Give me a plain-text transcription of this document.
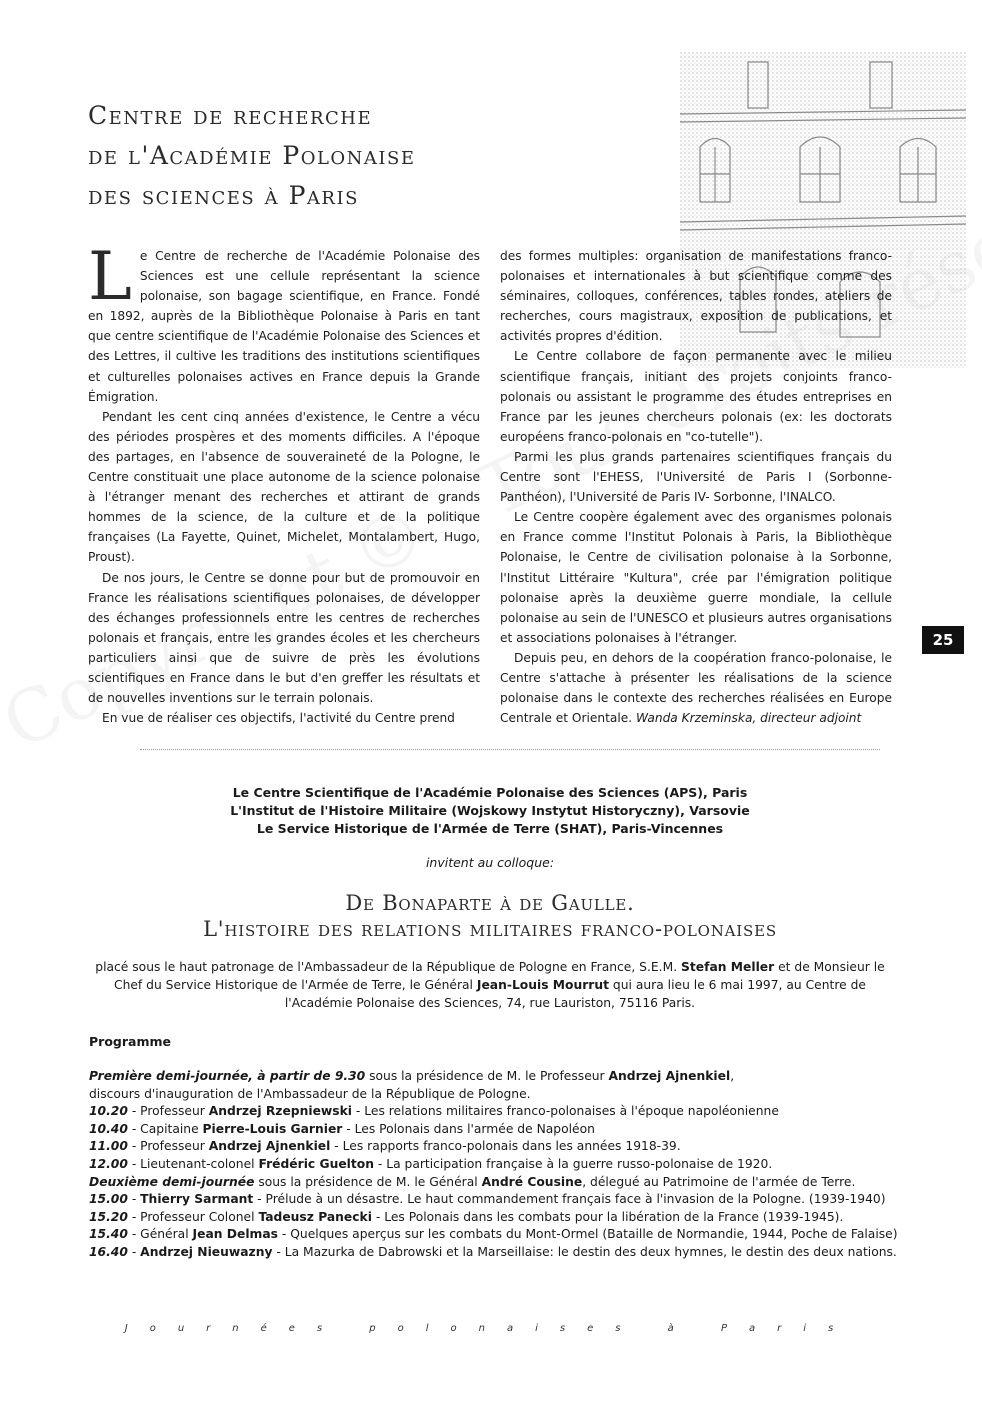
Centre de recherche
de l'Académie Polonaise
des sciences à Paris

Le Centre de recherche de l'Académie Polonaise des Sciences est une cellule représentant la science polonaise, son bagage scientifique, en France. Fondé en 1892, auprès de la Bibliothèque Polonaise à Paris en tant que centre scientifique de l'Académie Polonaise des Sciences et des Lettres, il cultive les traditions des institutions scientifiques et culturelles polonaises actives en France depuis la Grande Émigration.

Pendant les cent cinq années d'existence, le Centre a vécu des périodes prospères et des moments difficiles. A l'époque des partages, en l'absence de souveraineté de la Pologne, le Centre constituait une place autonome de la science polonaise à l'étranger menant des recherches et attirant de grands hommes de la science, de la culture et de la politique françaises (La Fayette, Quinet, Michelet, Montalambert, Hugo, Proust).

De nos jours, le Centre se donne pour but de promouvoir en France les réalisations scientifiques polonaises, de développer des échanges professionnels entre les centres de recherches polonais et français, entre les grandes écoles et les chercheurs particuliers ainsi que de suivre de près les évolutions scientifiques en France dans le but d'en greffer les résultats et de nouvelles inventions sur le terrain polonais.

En vue de réaliser ces objectifs, l'activité du Centre prend

des formes multiples: organisation de manifestations franco-polonaises et internationales à but scientifique comme des séminaires, colloques, conférences, tables rondes, ateliers de recherches, cours magistraux, exposition de publications, et activités propres d'édition.

Le Centre collabore de façon permanente avec le milieu scientifique français, initiant des projets conjoints franco-polonais ou assistant le programme des études entreprises en France par les jeunes chercheurs polonais (ex: les doctorats européens franco-polonais en "co-tutelle").

Parmi les plus grands partenaires scientifiques français du Centre sont l'EHESS, l'Université de Paris I (Sorbonne-Panthéon), l'Université de Paris IV- Sorbonne, l'INALCO.

Le Centre coopère également avec des organismes polonais en France comme l'Institut Polonais à Paris, la Bibliothèque Polonaise, le Centre de civilisation polonaise à la Sorbonne, l'Institut Littéraire "Kultura", crée par l'émigration politique polonaise après la deuxième guerre mondiale, la cellule polonaise au sein de l'UNESCO et plusieurs autres organisations et associations polonaises à l'étranger.

Depuis peu, en dehors de la coopération franco-polonaise, le Centre s'attache à présenter les réalisations de la science polonaise dans le contexte des recherches réalisées en Europe Centrale et Orientale. Wanda Krzeminska, directeur adjoint

25
Le Centre Scientifique de l'Académie Polonaise des Sciences (APS), Paris
L'Institut de l'Histoire Militaire (Wojskowy Instytut Historyczny), Varsovie
Le Service Historique de l'Armée de Terre (SHAT), Paris-Vincennes
invitent au colloque:
De Bonaparte à de Gaulle.
L'histoire des relations militaires franco-polonaises
placé sous le haut patronage de l'Ambassadeur de la République de Pologne en France, S.E.M. Stefan Meller et de Monsieur le Chef du Service Historique de l'Armée de Terre, le Général Jean-Louis Mourrut qui aura lieu le 6 mai 1997, au Centre de l'Académie Polonaise des Sciences, 74, rue Lauriston, 75116 Paris.
Programme
Première demi-journée, à partir de 9.30 sous la présidence de M. le Professeur Andrzej Ajnenkiel,
discours d'inauguration de l'Ambassadeur de la République de Pologne.
10.20 - Professeur Andrzej Rzepniewski - Les relations militaires franco-polonaises à l'époque napoléonienne
10.40 - Capitaine Pierre-Louis Garnier - Les Polonais dans l'armée de Napoléon
11.00 - Professeur Andrzej Ajnenkiel - Les rapports franco-polonais dans les années 1918-39.
12.00 - Lieutenant-colonel Frédéric Guelton - La participation française à la guerre russo-polonaise de 1920.
Deuxième demi-journée sous la présidence de M. le Général André Cousine, délegué au Patrimoine de l'armée de Terre.
15.00 - Thierry Sarmant - Prélude à un désastre. Le haut commandement français face à l'invasion de la Pologne. (1939-1940)
15.20 - Professeur Colonel Tadeusz Panecki - Les Polonais dans les combats pour la libération de la France (1939-1945).
15.40 - Général Jean Delmas - Quelques aperçus sur les combats du Mont-Ormel (Bataille de Normandie, 1944, Poche de Falaise)
16.40 - Andrzej Nieuwazny - La Mazurka de Dabrowski et la Marseillaise: le destin des deux hymnes, le destin des deux nations.
Journées polonaises à Paris
